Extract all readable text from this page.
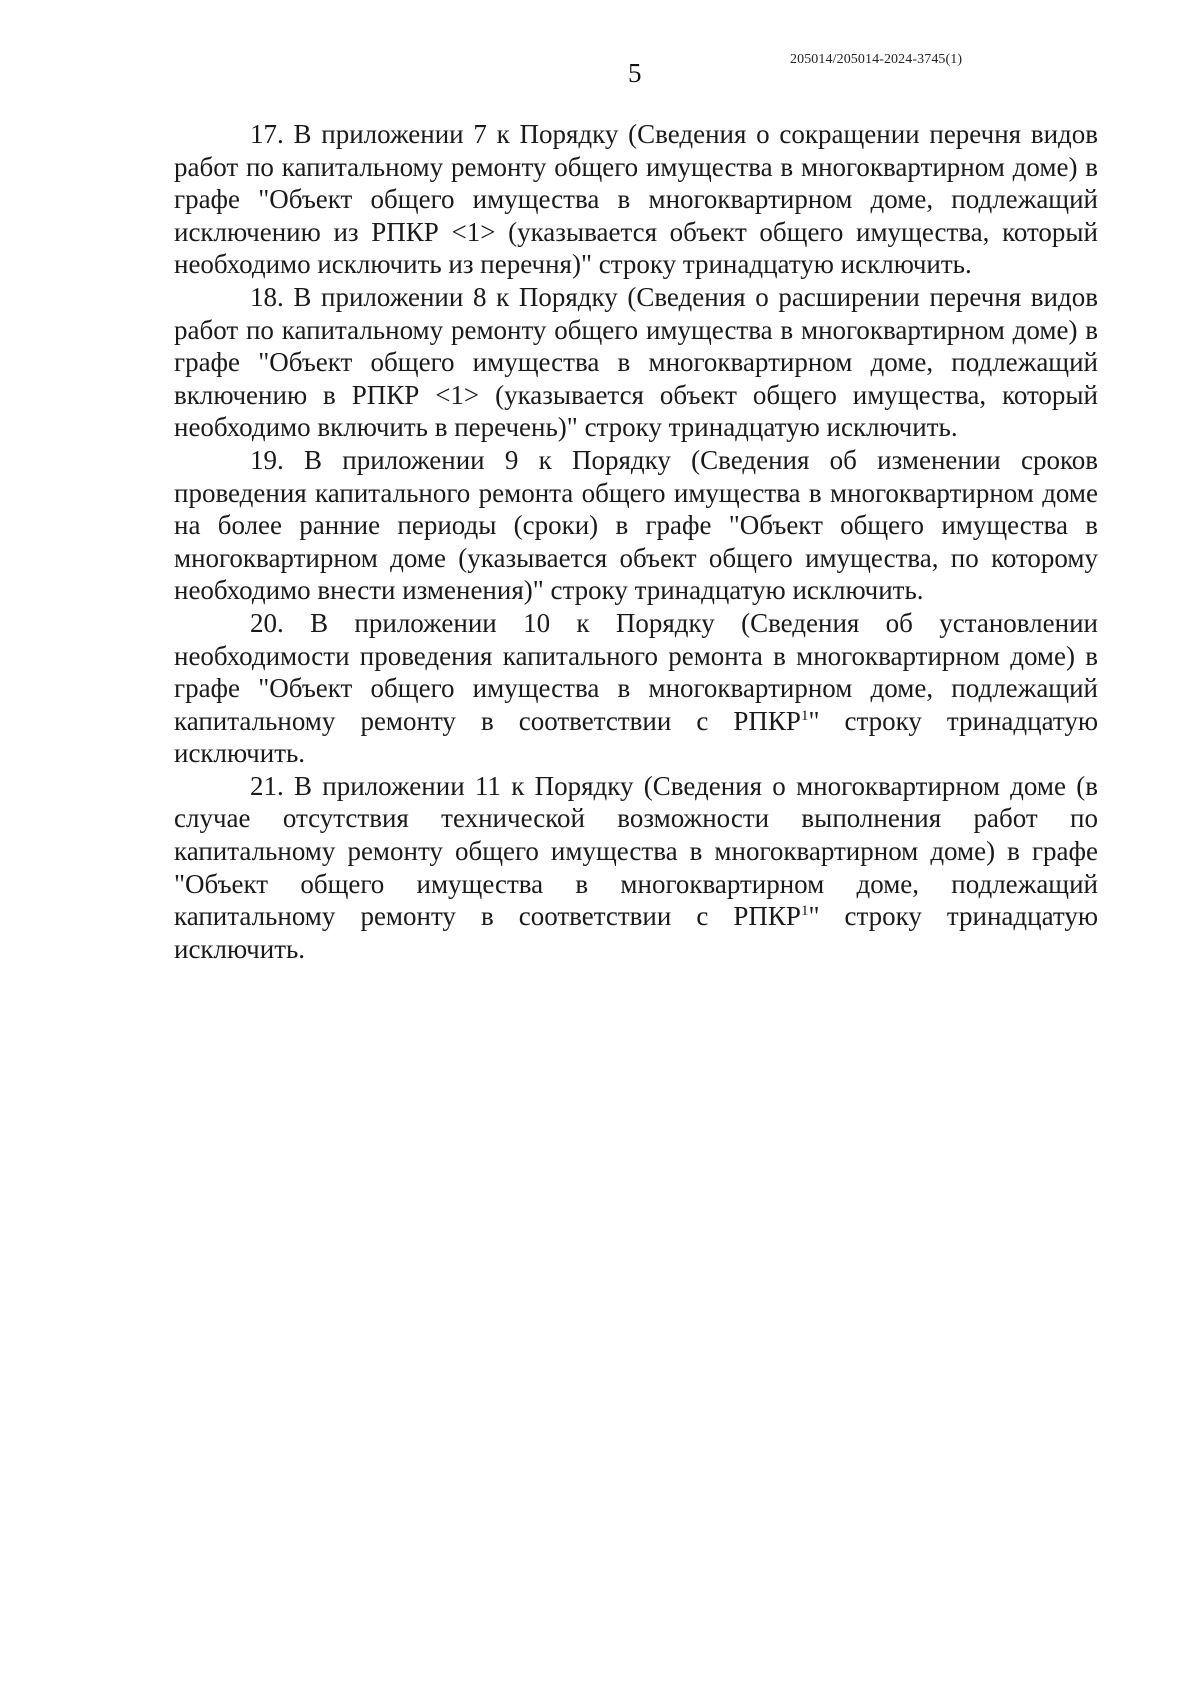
205014/205014-2024-3745(1)
5

17. В приложении 7 к Порядку (Сведения о сокращении перечня видов работ по капитальному ремонту общего имущества в многоквартирном доме) в графе "Объект общего имущества в многоквартирном доме, подлежащий исключению из РПКР <1> (указывается объект общего имущества, который необходимо исключить из перечня)" строку тринадцатую исключить.

18. В приложении 8 к Порядку (Сведения о расширении перечня видов работ по капитальному ремонту общего имущества в многоквартирном доме) в графе "Объект общего имущества в многоквартирном доме, подлежащий включению в РПКР <1> (указывается объект общего имущества, который необходимо включить в перечень)" строку тринадцатую исключить.

19. В приложении 9 к Порядку (Сведения об изменении сроков проведения капитального ремонта общего имущества в многоквартирном доме на более ранние периоды (сроки) в графе "Объект общего имущества в многоквартирном доме (указывается объект общего имущества, по которому необходимо внести изменения)" строку тринадцатую исключить.

20. В приложении 10 к Порядку (Сведения об установлении необходимости проведения капитального ремонта в многоквартирном доме) в графе "Объект общего имущества в многоквартирном доме, подлежащий капитальному ремонту в соответствии с РПКР$^1$" строку тринадцатую исключить.

21. В приложении 11 к Порядку (Сведения о многоквартирном доме (в случае отсутствия технической возможности выполнения работ по капитальному ремонту общего имущества в многоквартирном доме) в графе "Объект общего имущества в многоквартирном доме, подлежащий капитальному ремонту в соответствии с РПКР$^1$" строку тринадцатую исключить.
